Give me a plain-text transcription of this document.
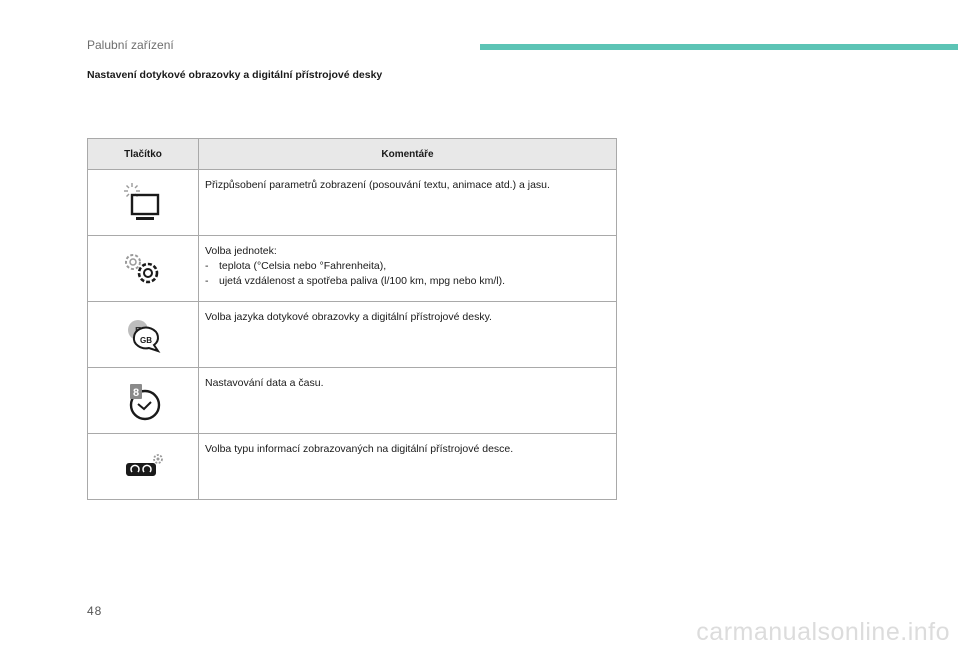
Palubní zařízení
Nastavení dotykové obrazovky a digitální přístrojové desky
Tlačítko	Komentáře

Přizpůsobení parametrů zobrazení (posouvání textu, animace atd.) a jasu.

Volba jednotek:
- teplota (°Celsia nebo °Fahrenheita),
- ujetá vzdálenost a spotřeba paliva (l/100 km, mpg nebo km/l).

GB	Volba jazyka dotykové obrazovky a digitální přístrojové desky.

8	Nastavování data a času.

Volba typu informací zobrazovaných na digitální přístrojové desce.
48
carmanualsonline.info
